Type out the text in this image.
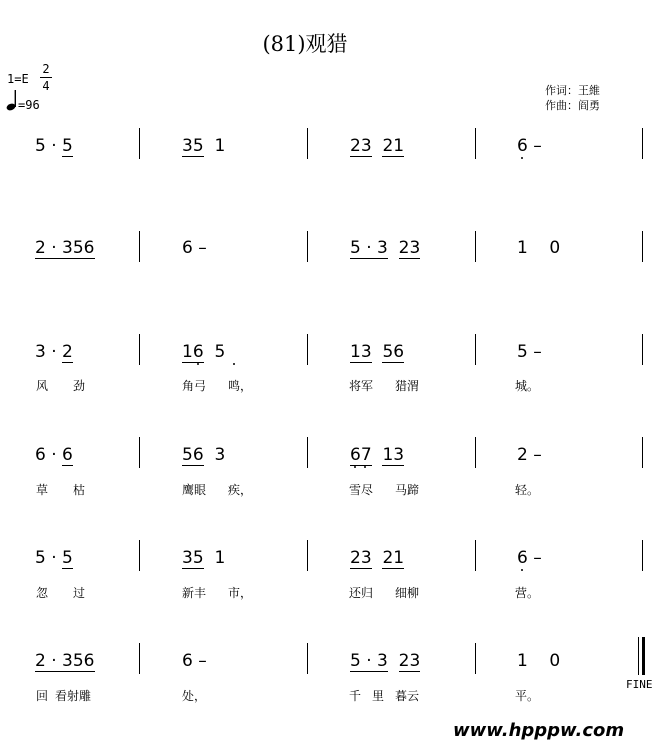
(81)观猎
1=E
2
4
=96
作词：王維
作曲：阎勇
5 · 5	35  1	23 21	6 –
2 · 356	6 –	5 · 3 23	1    0
3 · 2	16  5	13 56	5 –
风 劲	角弓 鸣，	将军 猎渭	城。
6 · 6	56  3	67 13	2 –
草 枯	鹰眼 疾，	雪尽 马蹄	轻。
5 · 5	35  1	23 21	6 –
忽 过	新丰 市，	还归 细柳	营。
2 · 356	6 –	5 · 3 23	1    0
回 看射雕	处，	千 里 暮云	平。
FINE
www.hpppw.com
